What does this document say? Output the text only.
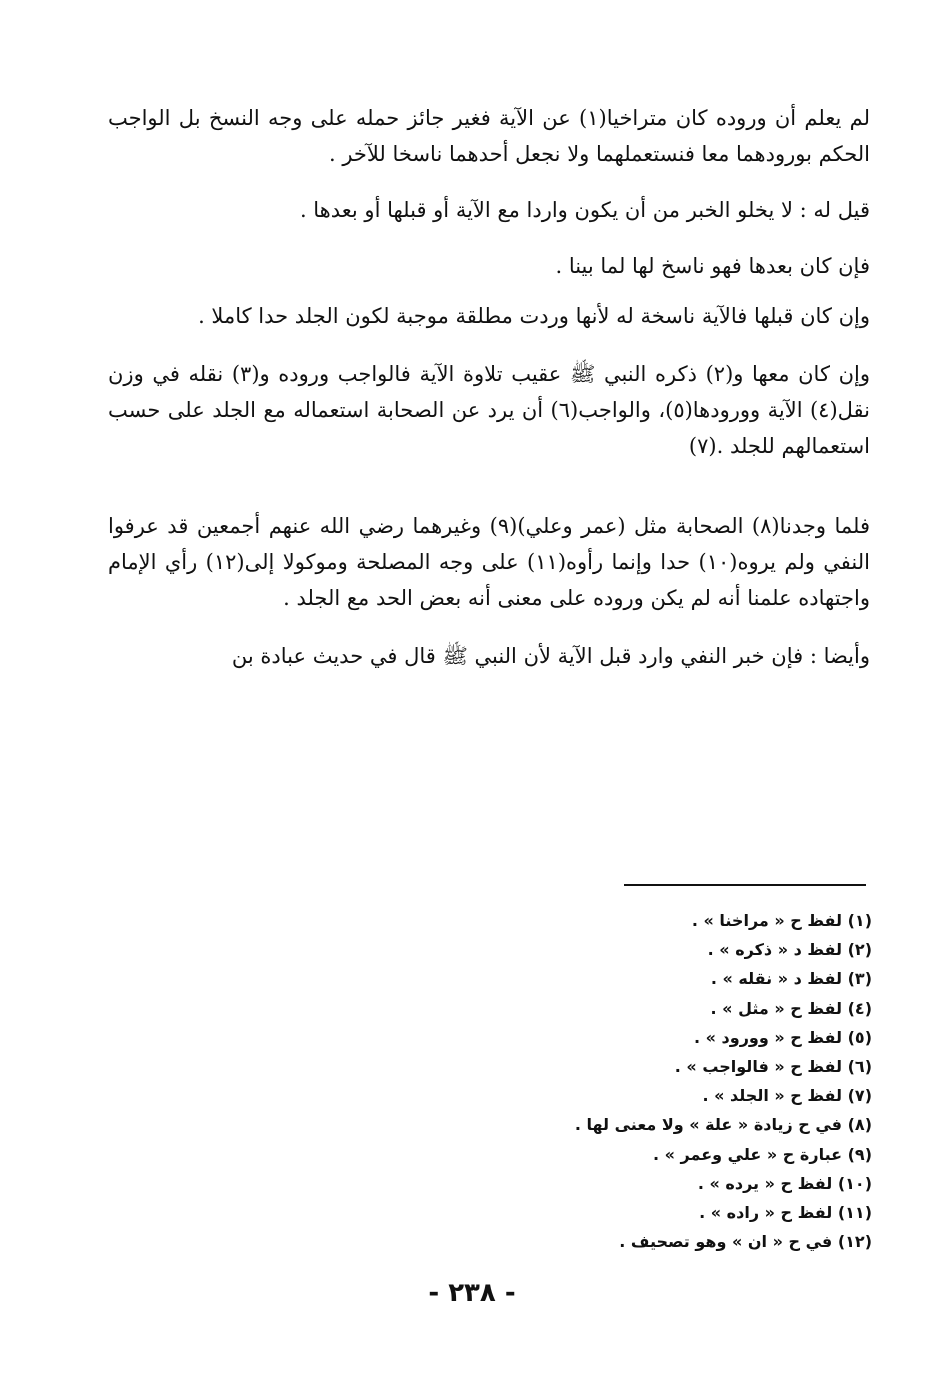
لم يعلم أن وروده كان متراخيا(١) عن الآية فغير جائز حمله على وجه النسخ بل الواجب الحكم بورودهما معا فنستعملهما ولا نجعل أحدهما ناسخا للآخر .

قيل له : لا يخلو الخبر من أن يكون واردا مع الآية أو قبلها أو بعدها .

فإن كان بعدها فهو ناسخ لها لما بينا .

وإن كان قبلها فالآية ناسخة له لأنها وردت مطلقة موجبة لكون الجلد حدا كاملا .

وإن كان معها و(٢) ذكره النبي ﷺ عقيب تلاوة الآية فالواجب وروده و(٣) نقله في وزن نقل(٤) الآية وورودها(٥)، والواجب(٦) أن يرد عن الصحابة استعماله مع الجلد على حسب استعمالهم للجلد .(٧)

فلما وجدنا(٨) الصحابة مثل (عمر وعلي)(٩) وغيرهما رضي الله عنهم أجمعين قد عرفوا النفي ولم يروه(١٠) حدا وإنما رأوه(١١) على وجه المصلحة وموكولا إلى(١٢) رأي الإمام واجتهاده علمنا أنه لم يكن وروده على معنى أنه بعض الحد مع الجلد .

وأيضا : فإن خبر النفي وارد قبل الآية لأن النبي ﷺ قال في حديث عبادة بن

(١) لفظ ح « مراخنا » .

(٢) لفظ د « ذكره » .

(٣) لفظ د « نقله » .

(٤) لفظ ح « مثل » .

(٥) لفظ ح « وورود » .

(٦) لفظ ح « فالواجب » .

(٧) لفظ ح « الجلد » .

(٨) في ح زيادة « علة » ولا معنى لها .

(٩) عبارة ح « علي وعمر » .

(١٠) لفظ ح « يرده » .

(١١) لفظ ح « راده » .

(١٢) في ح « ان » وهو تصحيف .

- ٢٣٨ -
